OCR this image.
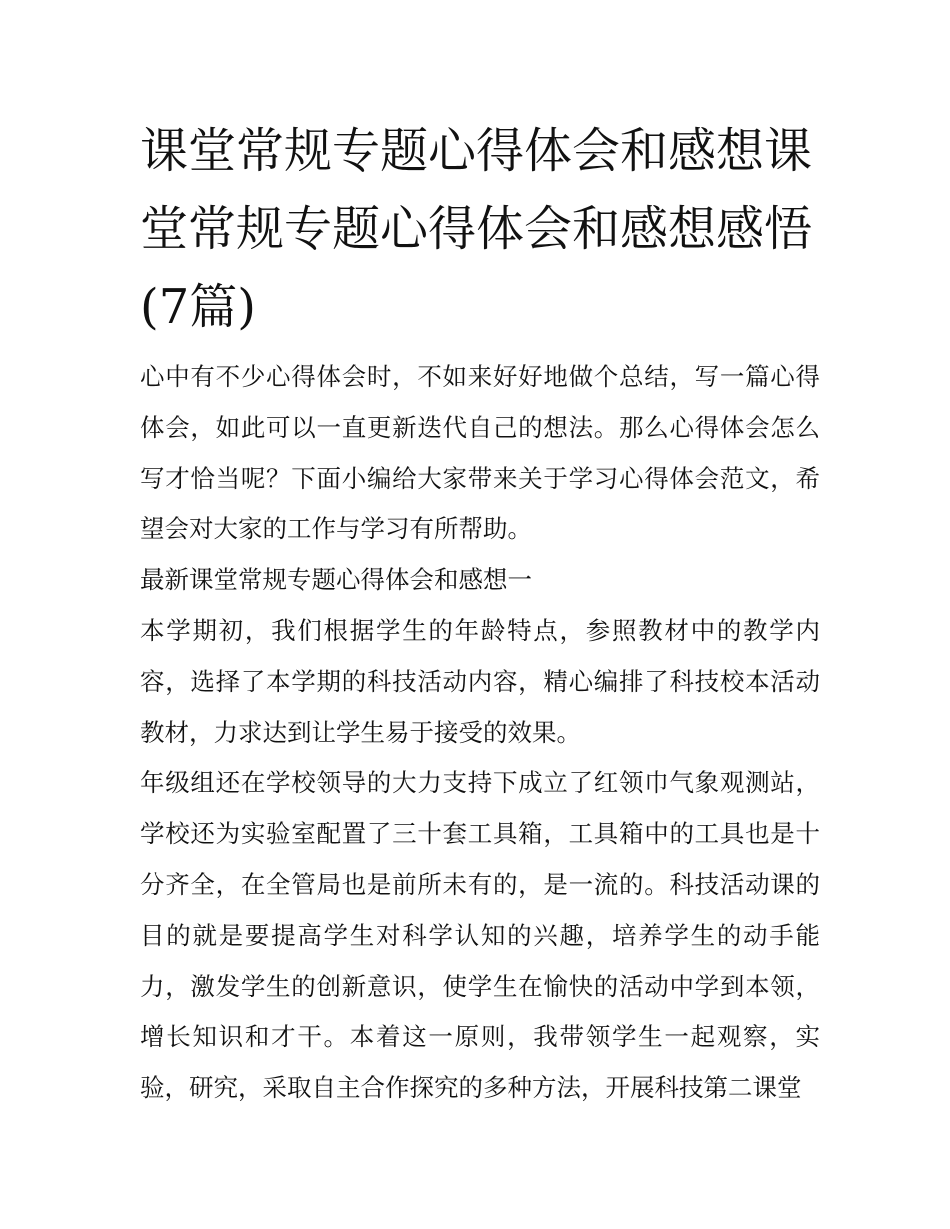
课堂常规专题心得体会和感想课堂常规专题心得体会和感想感悟(7篇)

心中有不少心得体会时，不如来好好地做个总结，写一篇心得体会，如此可以一直更新迭代自己的想法。那么心得体会怎么写才恰当呢？下面小编给大家带来关于学习心得体会范文，希望会对大家的工作与学习有所帮助。

最新课堂常规专题心得体会和感想一

本学期初，我们根据学生的年龄特点，参照教材中的教学内容，选择了本学期的科技活动内容，精心编排了科技校本活动教材，力求达到让学生易于接受的效果。

年级组还在学校领导的大力支持下成立了红领巾气象观测站，学校还为实验室配置了三十套工具箱，工具箱中的工具也是十分齐全，在全管局也是前所未有的，是一流的。科技活动课的目的就是要提高学生对科学认知的兴趣，培养学生的动手能力，激发学生的创新意识，使学生在愉快的活动中学到本领，增长知识和才干。本着这一原则，我带领学生一起观察，实验，研究，采取自主合作探究的多种方法，开展科技第二课堂
